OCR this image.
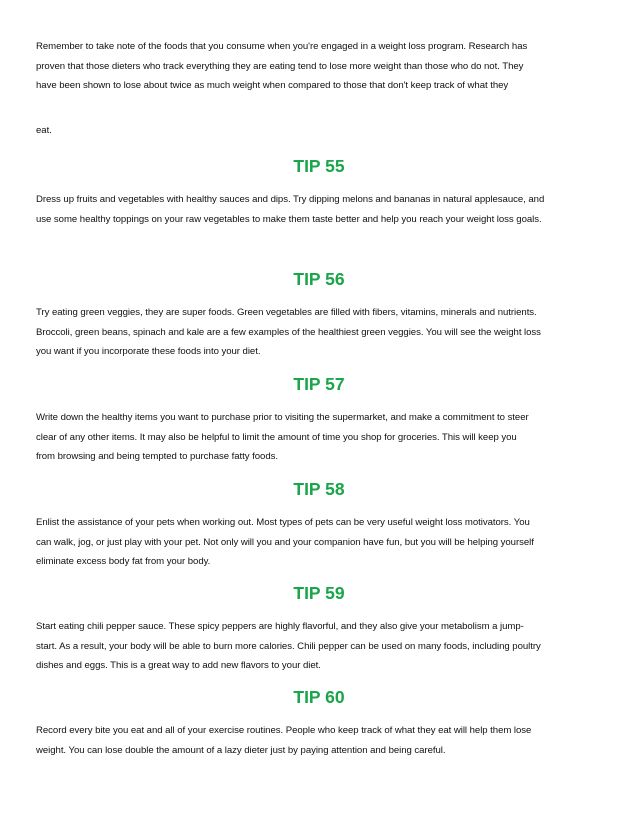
Remember to take note of the foods that you consume when you're engaged in a weight loss program. Research has
proven that those dieters who track everything they are eating tend to lose more weight than those who do not. They
have been shown to lose about twice as much weight when compared to those that don't keep track of what they

eat.

TIP 55

Dress up fruits and vegetables with healthy sauces and dips. Try dipping melons and bananas in natural applesauce, and
use some healthy toppings on your raw vegetables to make them taste better and help you reach your weight loss goals.

TIP 56

Try eating green veggies, they are super foods. Green vegetables are filled with fibers, vitamins, minerals and nutrients.
Broccoli, green beans, spinach and kale are a few examples of the healthiest green veggies. You will see the weight loss
you want if you incorporate these foods into your diet.

TIP 57

Write down the healthy items you want to purchase prior to visiting the supermarket, and make a commitment to steer
clear of any other items. It may also be helpful to limit the amount of time you shop for groceries. This will keep you
from browsing and being tempted to purchase fatty foods.

TIP 58

Enlist the assistance of your pets when working out. Most types of pets can be very useful weight loss motivators. You
can walk, jog, or just play with your pet. Not only will you and your companion have fun, but you will be helping yourself
eliminate excess body fat from your body.

TIP 59

Start eating chili pepper sauce. These spicy peppers are highly flavorful, and they also give your metabolism a jump-
start. As a result, your body will be able to burn more calories. Chili pepper can be used on many foods, including poultry
dishes and eggs. This is a great way to add new flavors to your diet.

TIP 60

Record every bite you eat and all of your exercise routines. People who keep track of what they eat will help them lose
weight. You can lose double the amount of a lazy dieter just by paying attention and being careful.
